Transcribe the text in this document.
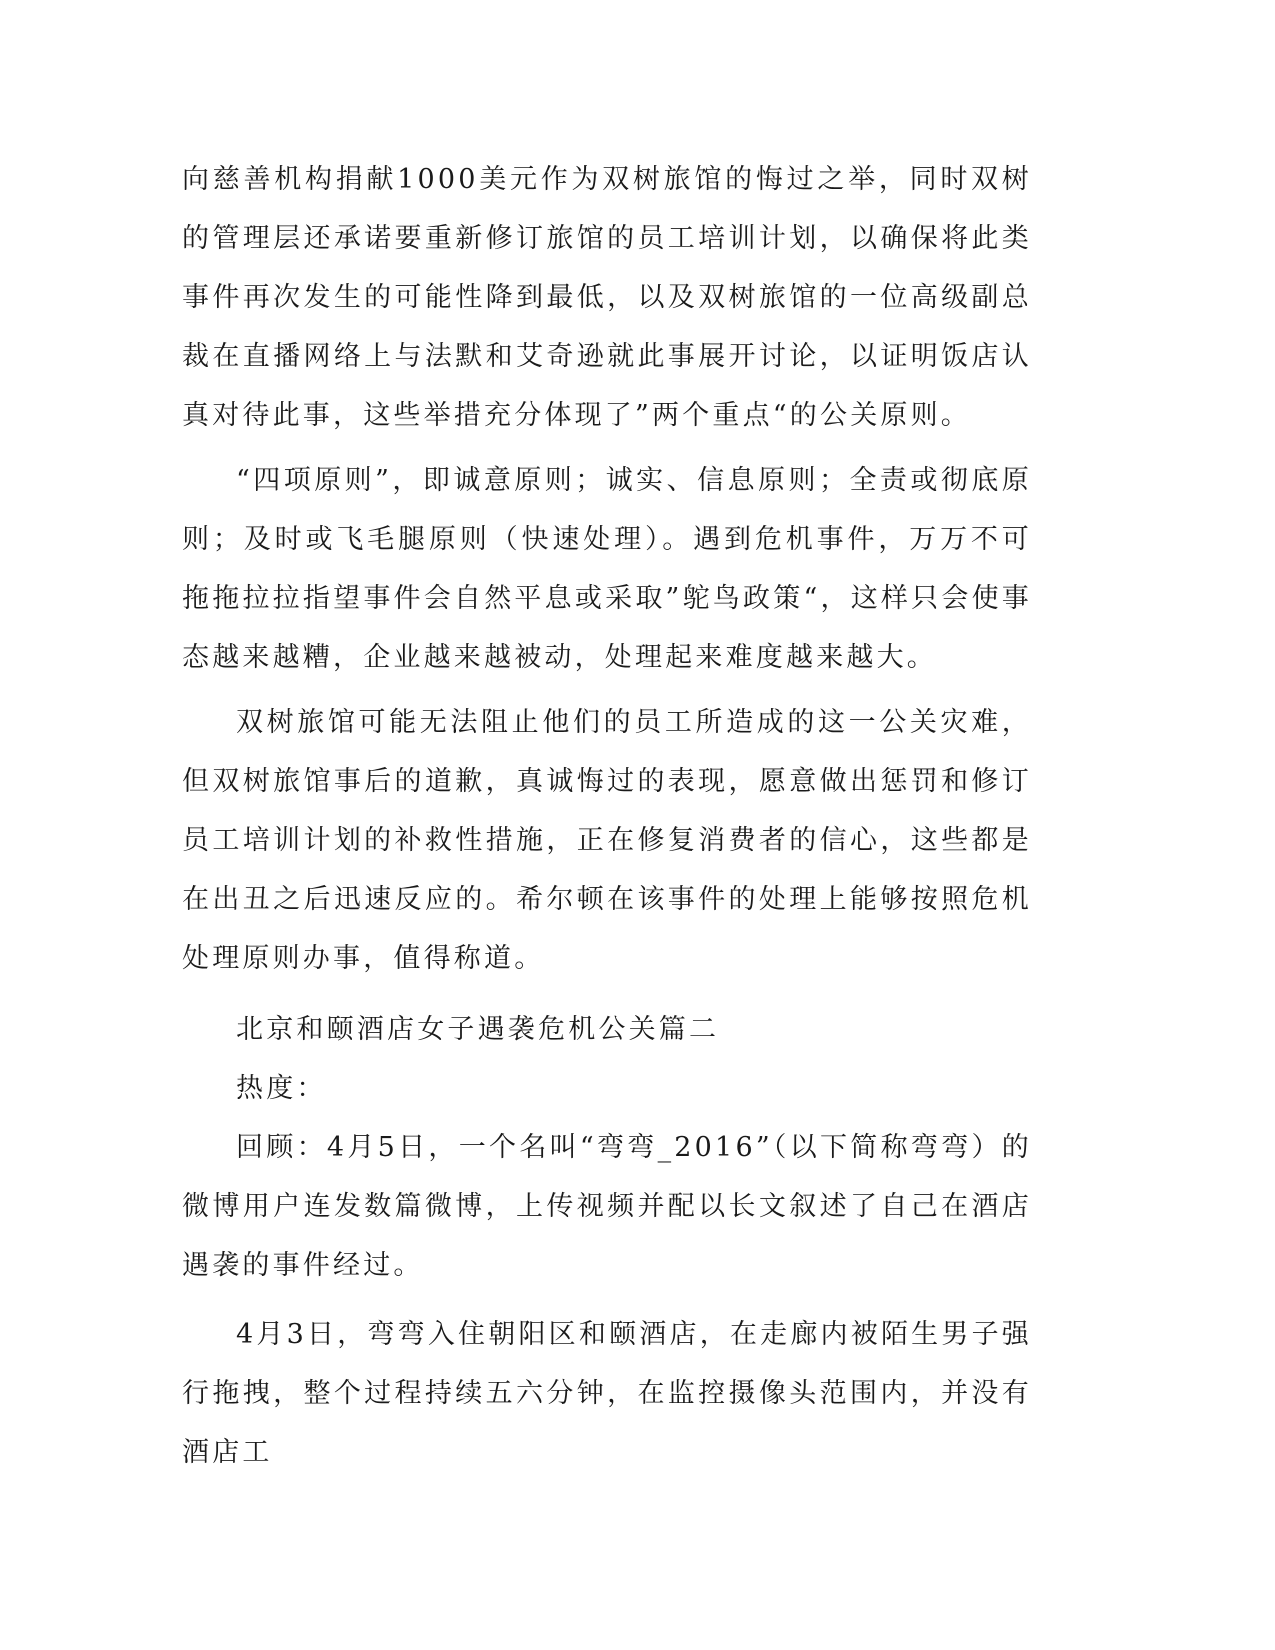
向慈善机构捐献1000美元作为双树旅馆的悔过之举，同时双树的管理层还承诺要重新修订旅馆的员工培训计划，以确保将此类事件再次发生的可能性降到最低，以及双树旅馆的一位高级副总裁在直播网络上与法默和艾奇逊就此事展开讨论，以证明饭店认真对待此事，这些举措充分体现了”两个重点“的公关原则。

“四项原则”，即诚意原则；诚实、信息原则；全责或彻底原则；及时或飞毛腿原则（快速处理）。遇到危机事件，万万不可拖拖拉拉指望事件会自然平息或采取”鸵鸟政策“，这样只会使事态越来越糟，企业越来越被动，处理起来难度越来越大。

双树旅馆可能无法阻止他们的员工所造成的这一公关灾难，但双树旅馆事后的道歉，真诚悔过的表现，愿意做出惩罚和修订员工培训计划的补救性措施，正在修复消费者的信心，这些都是在出丑之后迅速反应的。希尔顿在该事件的处理上能够按照危机处理原则办事，值得称道。

北京和颐酒店女子遇袭危机公关篇二

热度：

回顾：4月5日，一个名叫“弯弯_2016”（以下简称弯弯）的微博用户连发数篇微博，上传视频并配以长文叙述了自己在酒店遇袭的事件经过。

4月3日，弯弯入住朝阳区和颐酒店，在走廊内被陌生男子强行拖拽，整个过程持续五六分钟，在监控摄像头范围内，并没有酒店工
